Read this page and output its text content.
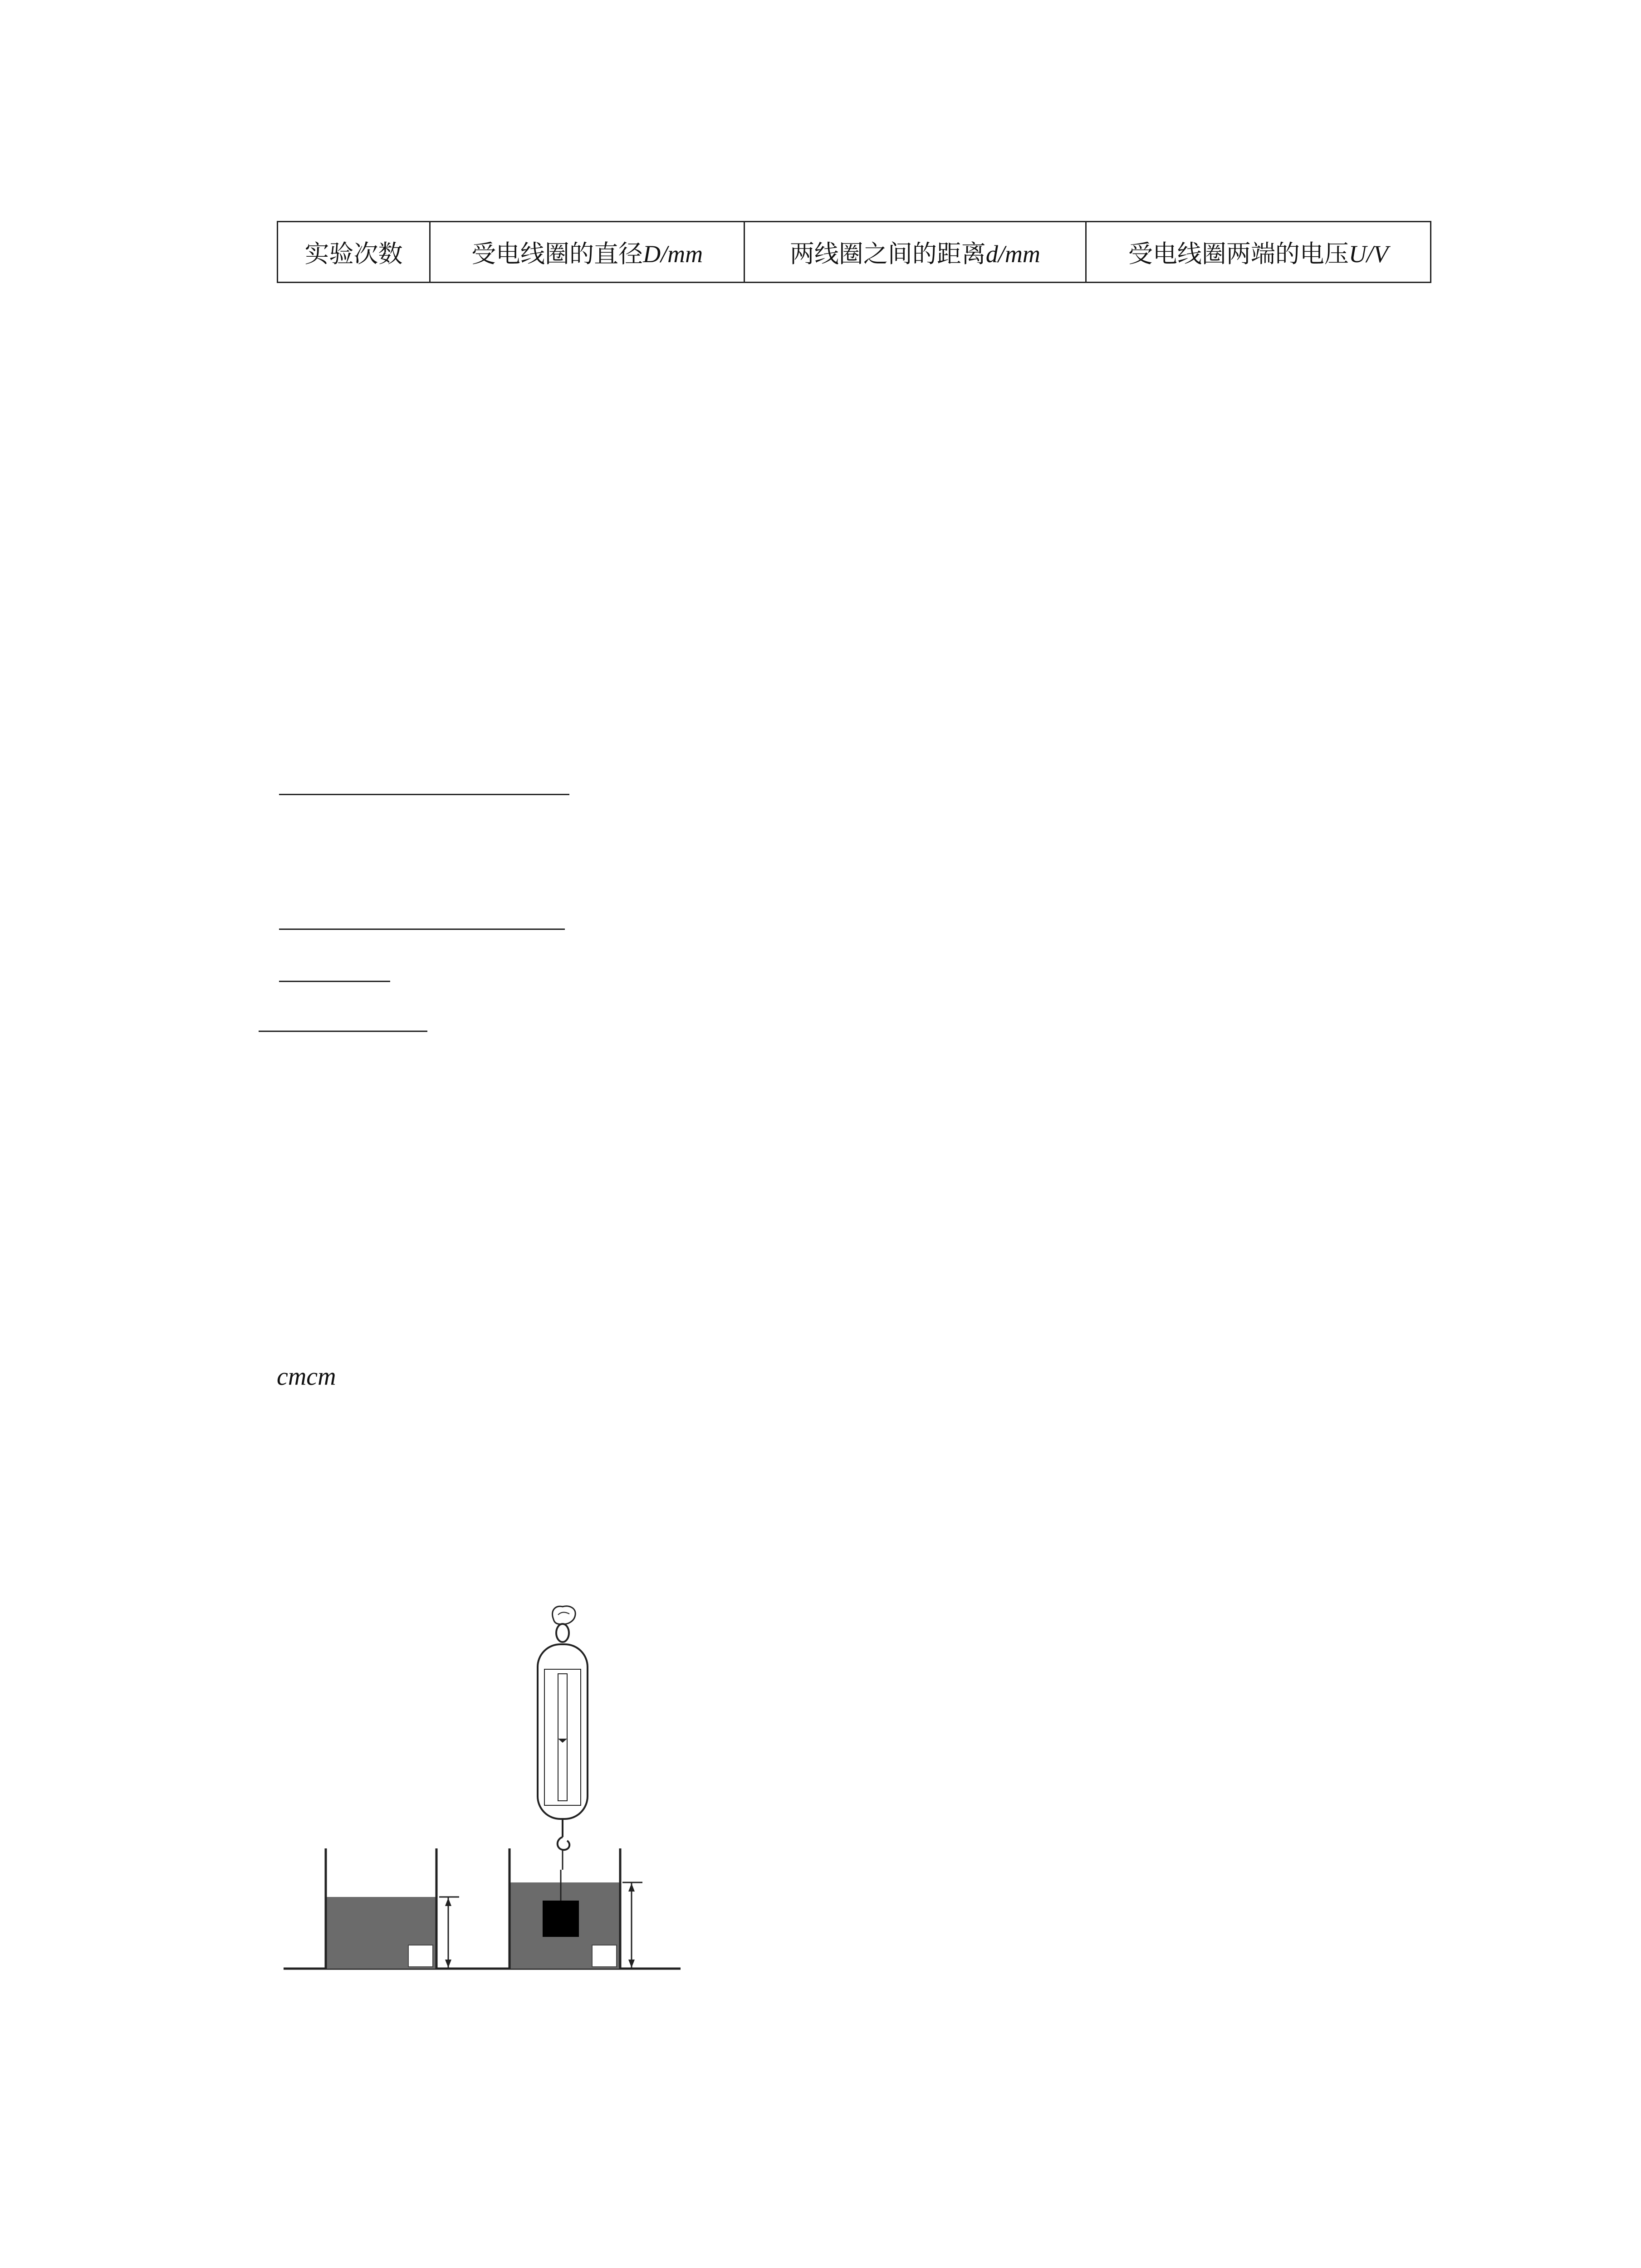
实验次数	受电线圈的直径D/mm	两线圈之间的距离d/mm	受电线圈两端的电压U/V
cmcm
